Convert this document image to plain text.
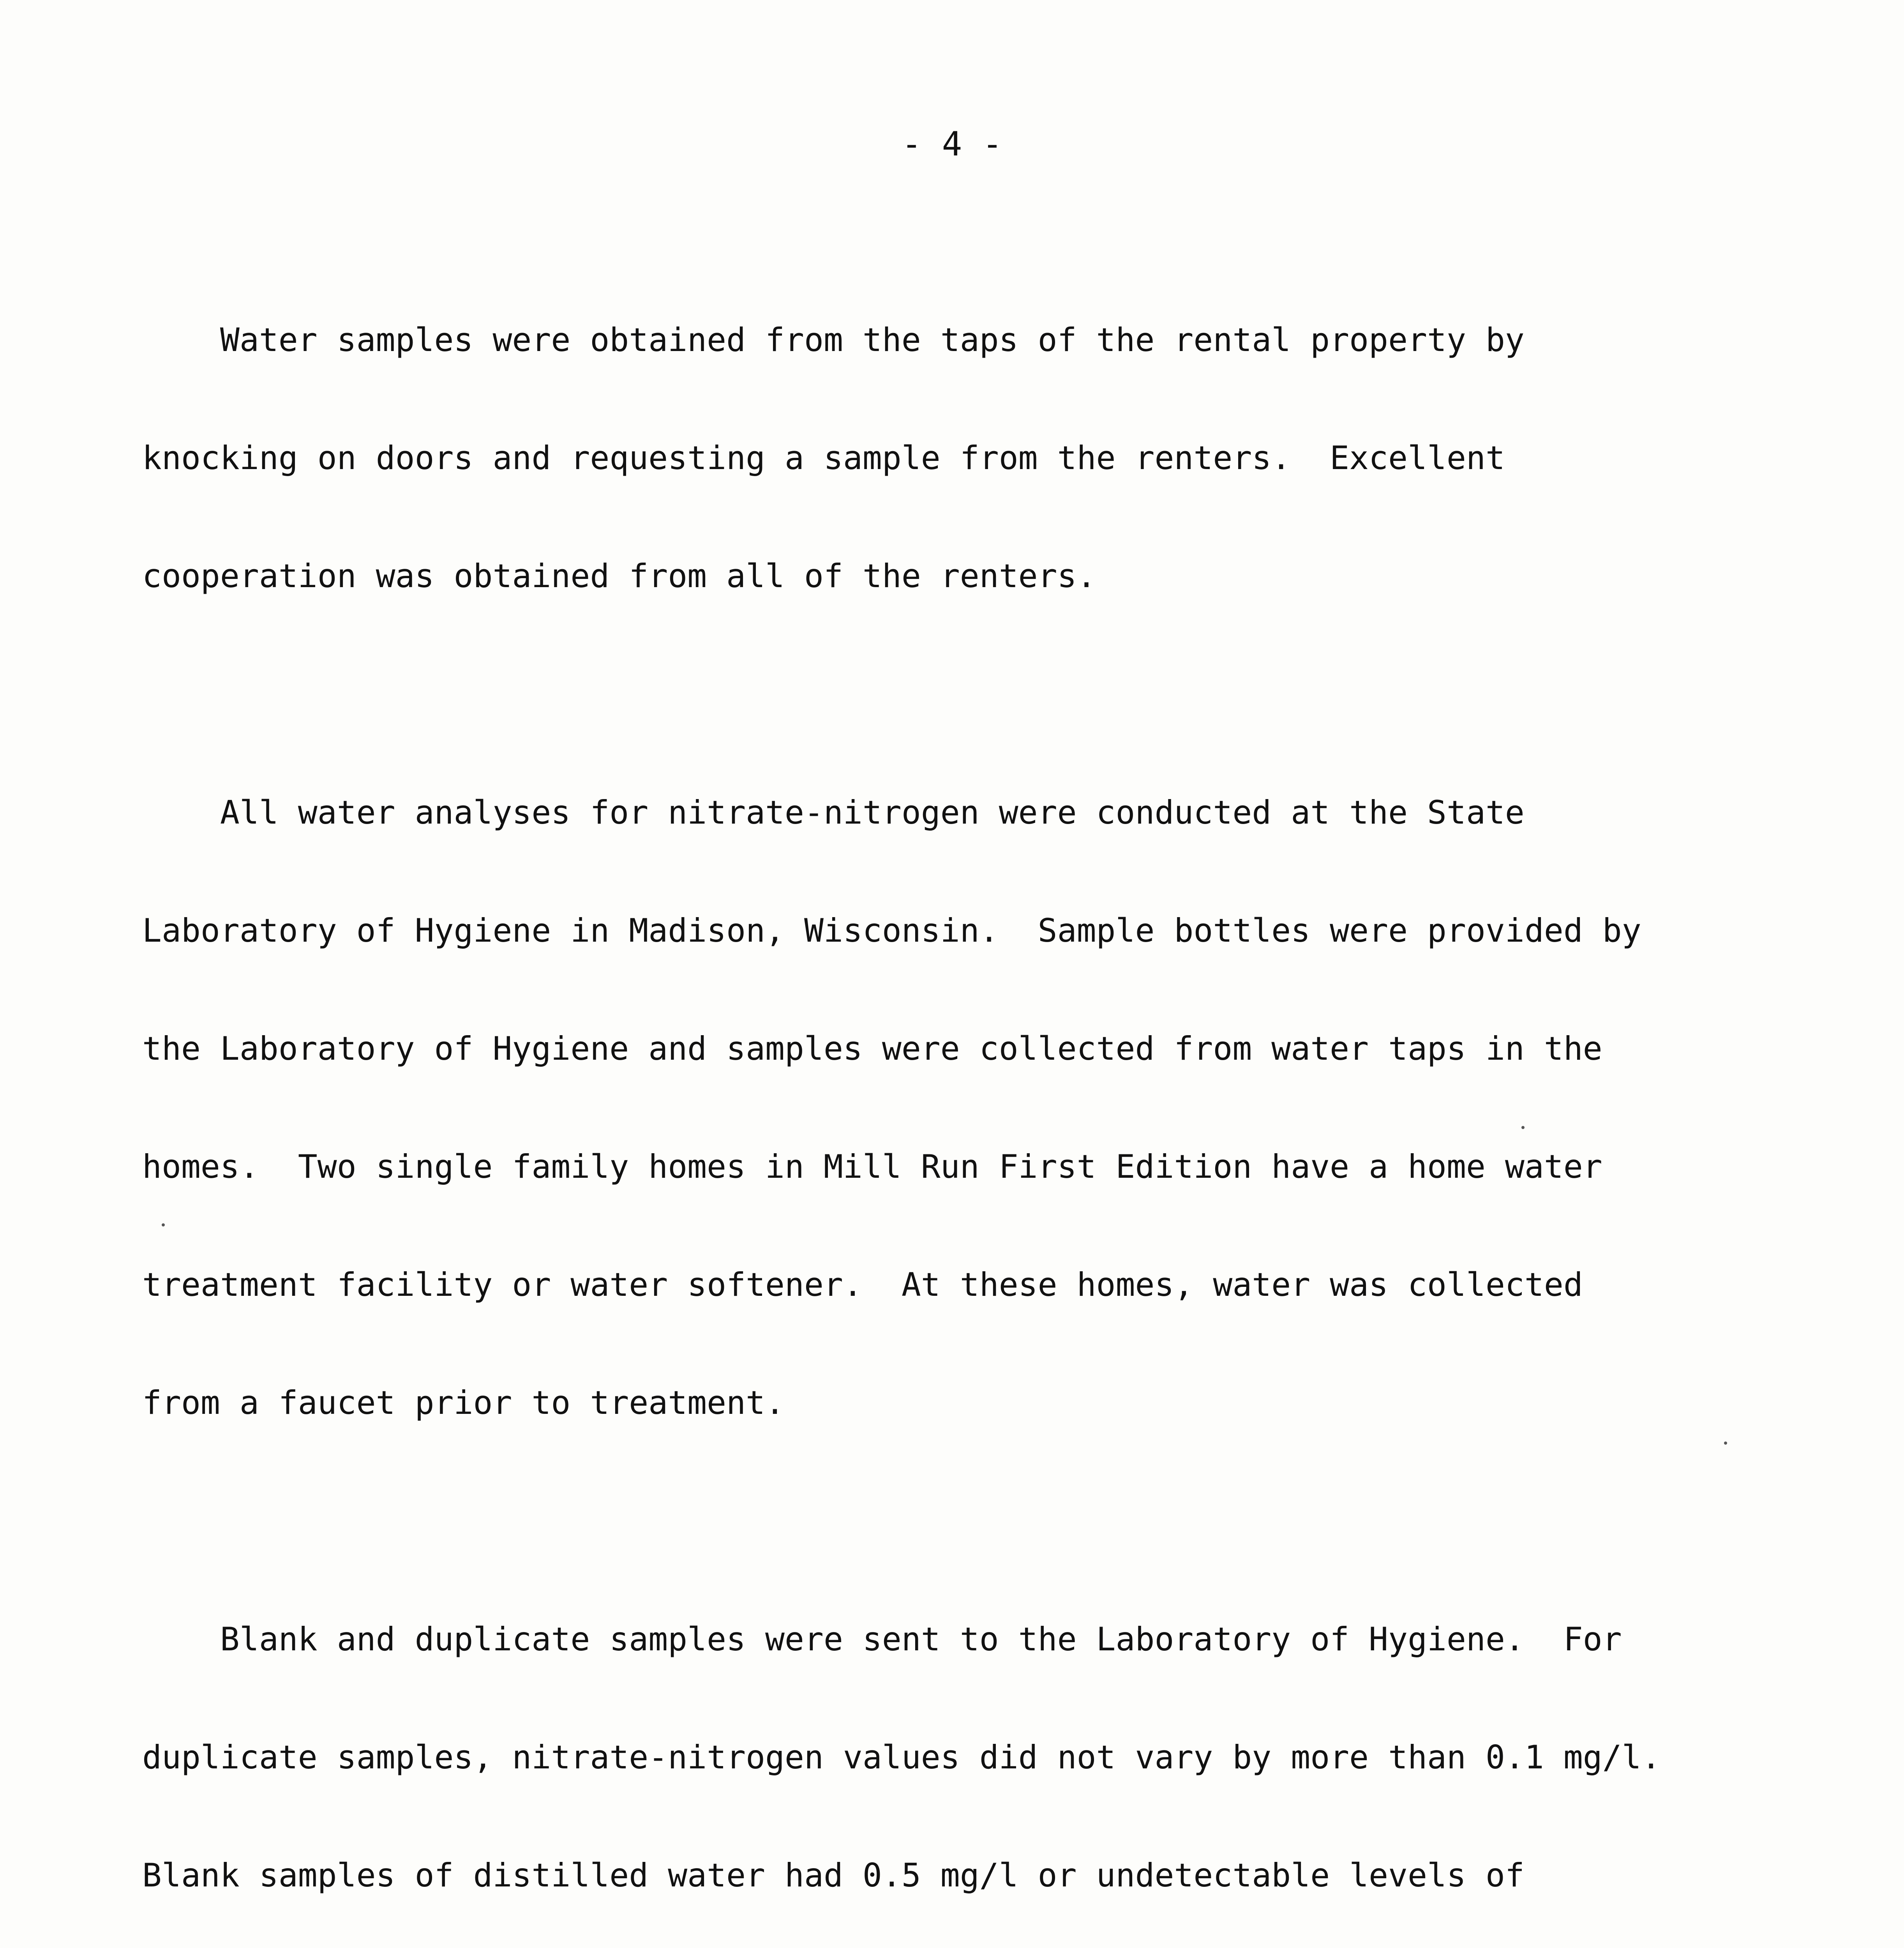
- 4 -

Water samples were obtained from the taps of the rental property by

knocking on doors and requesting a sample from the renters.  Excellent

cooperation was obtained from all of the renters.

All water analyses for nitrate-nitrogen were conducted at the State

Laboratory of Hygiene in Madison, Wisconsin.  Sample bottles were provided by

the Laboratory of Hygiene and samples were collected from water taps in the

homes.  Two single family homes in Mill Run First Edition have a home water

treatment facility or water softener.  At these homes, water was collected

from a faucet prior to treatment.

Blank and duplicate samples were sent to the Laboratory of Hygiene.  For

duplicate samples, nitrate-nitrogen values did not vary by more than 0.1 mg/l.

Blank samples of distilled water had 0.5 mg/l or undetectable levels of
